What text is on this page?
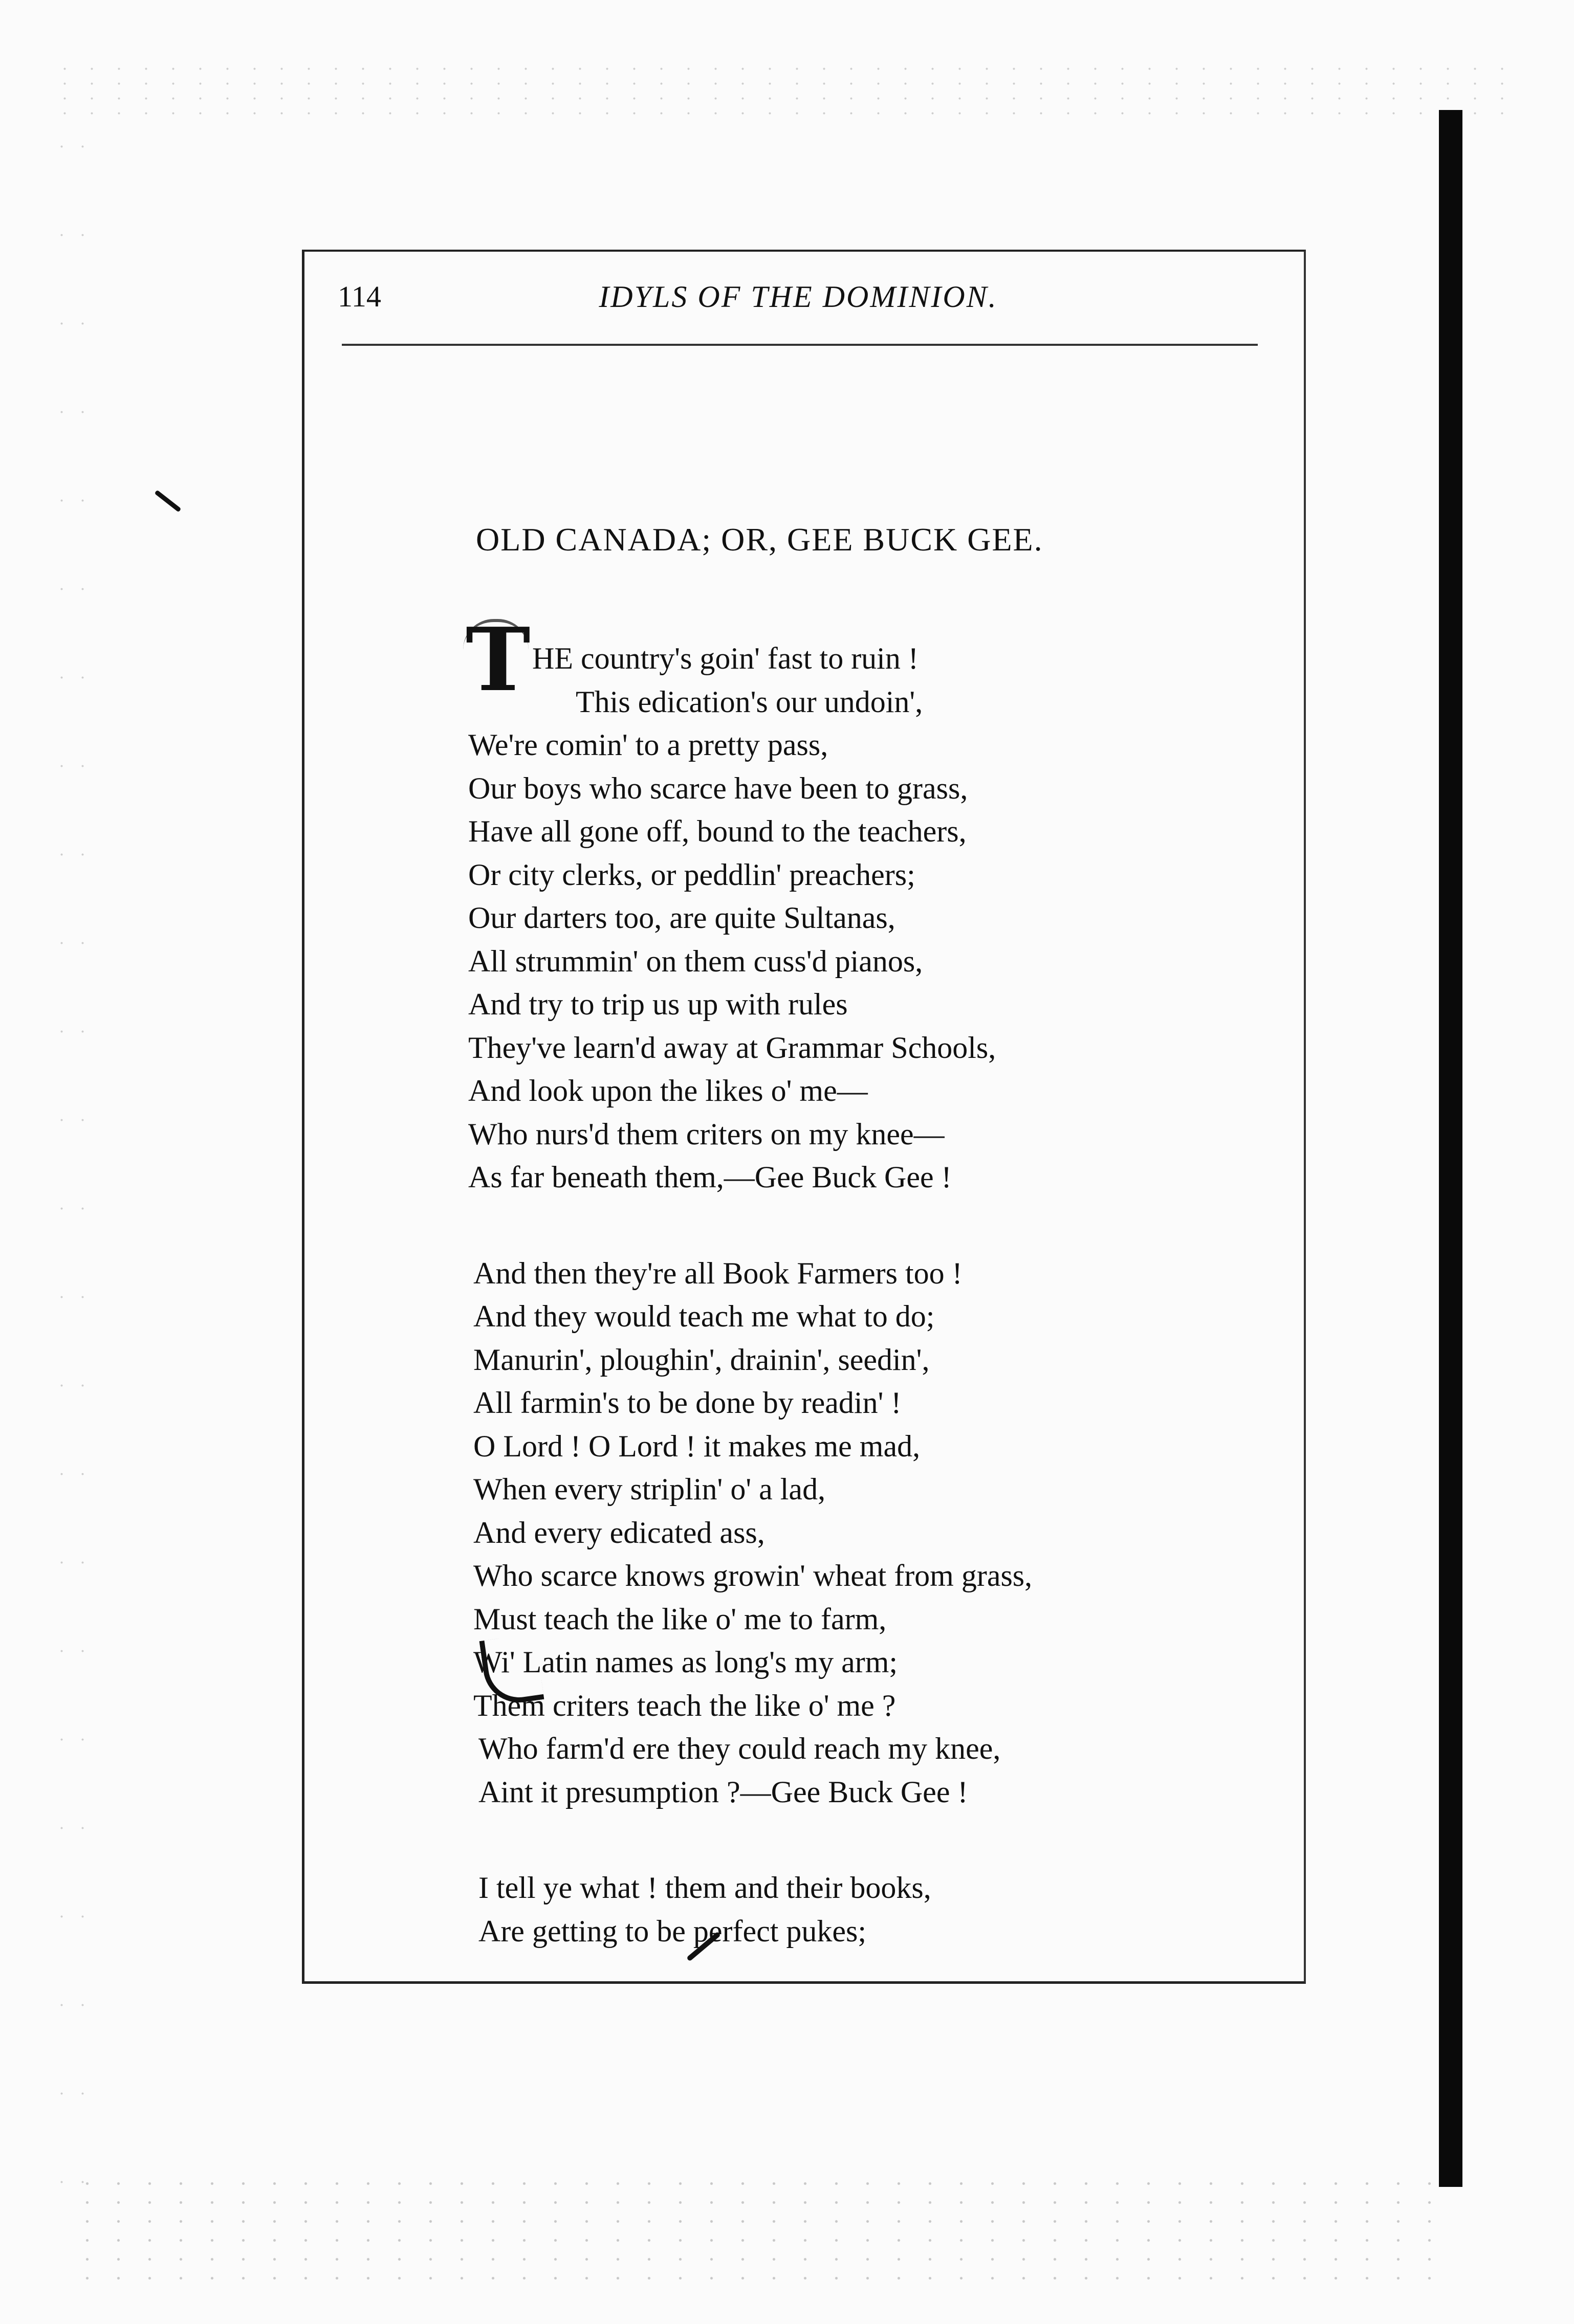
114	IDYLS OF THE DOMINION.
OLD CANADA; OR, GEE BUCK GEE.
T HE country's goin' fast to ruin !
This edication's our undoin',
We're comin' to a pretty pass,
Our boys who scarce have been to grass,
Have all gone off, bound to the teachers,
Or city clerks, or peddlin' preachers;
Our darters too, are quite Sultanas,
All strummin' on them cuss'd pianos,
And try to trip us up with rules
They've learn'd away at Grammar Schools,
And look upon the likes o' me—
Who nurs'd them criters on my knee—
As far beneath them,—Gee Buck Gee !
And then they're all Book Farmers too !
And they would teach me what to do;
Manurin', ploughin', drainin', seedin',
All farmin's to be done by readin' !
O Lord ! O Lord ! it makes me mad,
When every striplin' o' a lad,
And every edicated ass,
Who scarce knows growin' wheat from grass,
Must teach the like o' me to farm,
Wi' Latin names as long's my arm;
Them criters teach the like o' me ?
Who farm'd ere they could reach my knee,
Aint it presumption ?—Gee Buck Gee !
I tell ye what ! them and their books,
Are getting to be perfect pukes;
